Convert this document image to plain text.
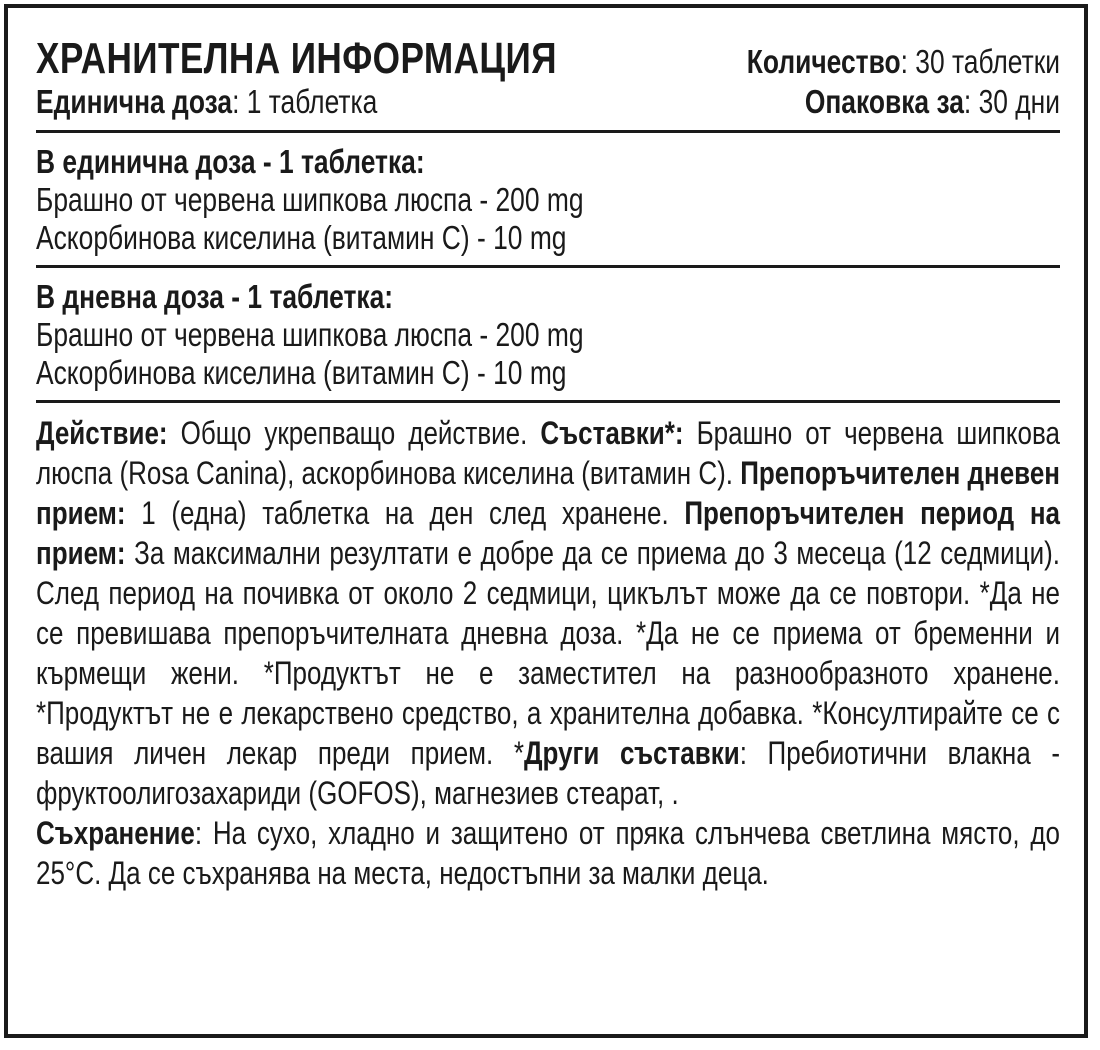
ХРАНИТЕЛНА ИНФОРМАЦИЯ	Количество: 30 таблетки
Единична доза: 1 таблетка	Опаковка за: 30 дни
В единична доза - 1 таблетка:
Брашно от червена шипкова люспа - 200 mg
Аскорбинова киселина (витамин С) - 10 mg
В дневна доза - 1 таблетка:
Брашно от червена шипкова люспа - 200 mg
Аскорбинова киселина (витамин С) - 10 mg
Действие: Общо укрепващо действие. Съставки*: Брашно от червена шипкова люспа (Rosa Canina), аскорбинова киселина (витамин С). Препоръчителен дневен прием: 1 (една) таблетка на ден след хранене. Препоръчителен период на прием: За максимални резултати е добре да се приема до 3 месеца (12 седмици). След период на почивка от около 2 седмици, цикълът може да се повтори. *Да не се превишава препоръчителната дневна доза. *Да не се приема от бременни и кърмещи жени. *Продуктът не е заместител на разнообразното хранене. *Продуктът не е лекарствено средство, а хранителна добавка. *Консултирайте се с вашия личен лекар преди прием. *Други съставки: Пребиотични влакна - фруктоолигозахариди (GOFOS), магнезиев стеарат, .
Съхранение: На сухо, хладно и защитено от пряка слънчева светлина място, до 25°C. Да се съхранява на места, недостъпни за малки деца.
